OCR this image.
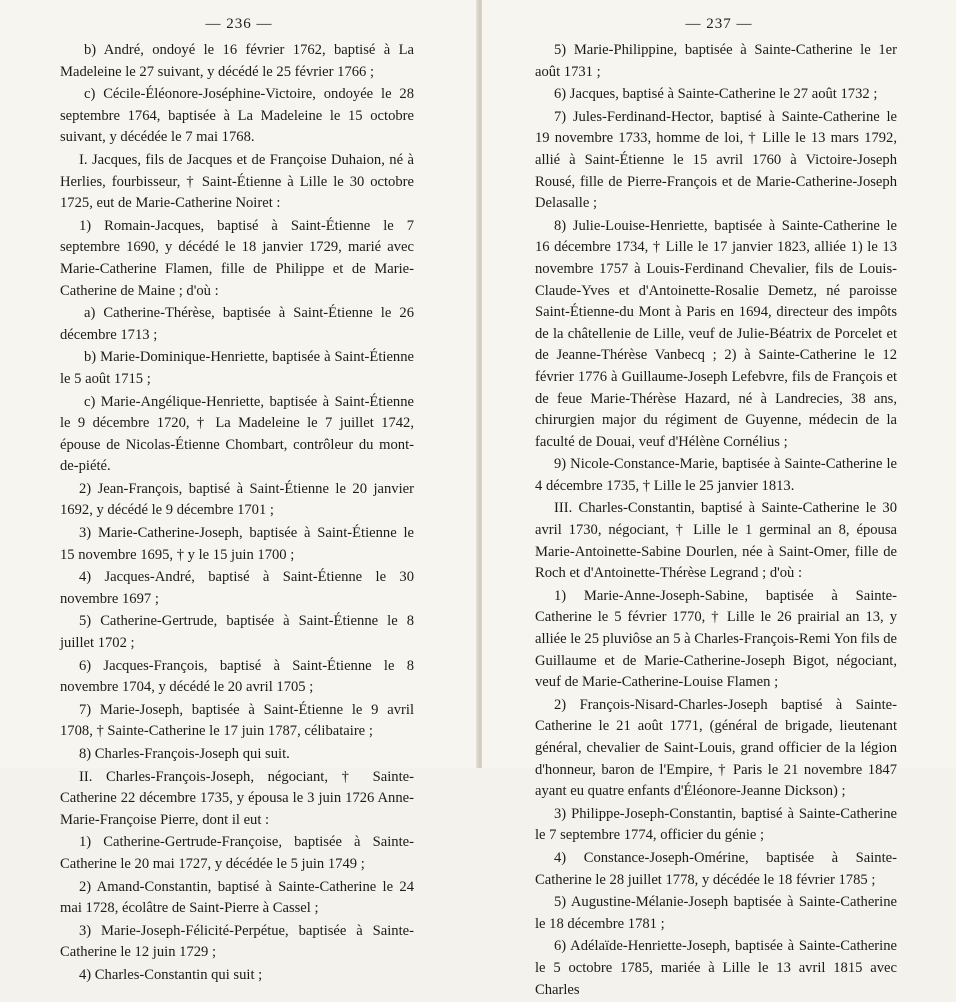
— 236 —

b) André, ondoyé le 16 février 1762, baptisé à La Madeleine le 27 suivant, y décédé le 25 février 1766 ;

c) Cécile-Éléonore-Joséphine-Victoire, ondoyée le 28 septembre 1764, baptisée à La Madeleine le 15 octobre suivant, y décédée le 7 mai 1768.

I. Jacques, fils de Jacques et de Françoise Duhaion, né à Herlies, fourbisseur, † Saint-Étienne à Lille le 30 octobre 1725, eut de Marie-Catherine Noiret :

1) Romain-Jacques, baptisé à Saint-Étienne le 7 septembre 1690, y décédé le 18 janvier 1729, marié avec Marie-Catherine Flamen, fille de Philippe et de Marie-Catherine de Maine ; d'où :

a) Catherine-Thérèse, baptisée à Saint-Étienne le 26 décembre 1713 ;

b) Marie-Dominique-Henriette, baptisée à Saint-Étienne le 5 août 1715 ;

c) Marie-Angélique-Henriette, baptisée à Saint-Étienne le 9 décembre 1720, † La Madeleine le 7 juillet 1742, épouse de Nicolas-Étienne Chombart, contrôleur du mont-de-piété.

2) Jean-François, baptisé à Saint-Étienne le 20 janvier 1692, y décédé le 9 décembre 1701 ;

3) Marie-Catherine-Joseph, baptisée à Saint-Étienne le 15 novembre 1695, † y le 15 juin 1700 ;

4) Jacques-André, baptisé à Saint-Étienne le 30 novembre 1697 ;

5) Catherine-Gertrude, baptisée à Saint-Étienne le 8 juillet 1702 ;

6) Jacques-François, baptisé à Saint-Étienne le 8 novembre 1704, y décédé le 20 avril 1705 ;

7) Marie-Joseph, baptisée à Saint-Étienne le 9 avril 1708, † Sainte-Catherine le 17 juin 1787, célibataire ;

8) Charles-François-Joseph qui suit.

II. Charles-François-Joseph, négociant, † Sainte-Catherine 22 décembre 1735, y épousa le 3 juin 1726 Anne-Marie-Françoise Pierre, dont il eut :

1) Catherine-Gertrude-Françoise, baptisée à Sainte-Catherine le 20 mai 1727, y décédée le 5 juin 1749 ;

2) Amand-Constantin, baptisé à Sainte-Catherine le 24 mai 1728, écolâtre de Saint-Pierre à Cassel ;

3) Marie-Joseph-Félicité-Perpétue, baptisée à Sainte-Catherine le 12 juin 1729 ;

4) Charles-Constantin qui suit ;

— 237 —

5) Marie-Philippine, baptisée à Sainte-Catherine le 1er août 1731 ;

6) Jacques, baptisé à Sainte-Catherine le 27 août 1732 ;

7) Jules-Ferdinand-Hector, baptisé à Sainte-Catherine le 19 novembre 1733, homme de loi, † Lille le 13 mars 1792, allié à Saint-Étienne le 15 avril 1760 à Victoire-Joseph Rousé, fille de Pierre-François et de Marie-Catherine-Joseph Delasalle ;

8) Julie-Louise-Henriette, baptisée à Sainte-Catherine le 16 décembre 1734, † Lille le 17 janvier 1823, alliée 1) le 13 novembre 1757 à Louis-Ferdinand Chevalier, fils de Louis-Claude-Yves et d'Antoinette-Rosalie Demetz, né paroisse Saint-Étienne-du Mont à Paris en 1694, directeur des impôts de la châtellenie de Lille, veuf de Julie-Béatrix de Porcelet et de Jeanne-Thérèse Vanbecq ; 2) à Sainte-Catherine le 12 février 1776 à Guillaume-Joseph Lefebvre, fils de François et de feue Marie-Thérèse Hazard, né à Landrecies, 38 ans, chirurgien major du régiment de Guyenne, médecin de la faculté de Douai, veuf d'Hélène Cornélius ;

9) Nicole-Constance-Marie, baptisée à Sainte-Catherine le 4 décembre 1735, † Lille le 25 janvier 1813.

III. Charles-Constantin, baptisé à Sainte-Catherine le 30 avril 1730, négociant, † Lille le 1 germinal an 8, épousa Marie-Antoinette-Sabine Dourlen, née à Saint-Omer, fille de Roch et d'Antoinette-Thérèse Legrand ; d'où :

1) Marie-Anne-Joseph-Sabine, baptisée à Sainte-Catherine le 5 février 1770, † Lille le 26 prairial an 13, y alliée le 25 pluviôse an 5 à Charles-François-Remi Yon fils de Guillaume et de Marie-Catherine-Joseph Bigot, négociant, veuf de Marie-Catherine-Louise Flamen ;

2) François-Nisard-Charles-Joseph baptisé à Sainte-Catherine le 21 août 1771, (général de brigade, lieutenant général, chevalier de Saint-Louis, grand officier de la légion d'honneur, baron de l'Empire, † Paris le 21 novembre 1847 ayant eu quatre enfants d'Éléonore-Jeanne Dickson) ;

3) Philippe-Joseph-Constantin, baptisé à Sainte-Catherine le 7 septembre 1774, officier du génie ;

4) Constance-Joseph-Omérine, baptisée à Sainte-Catherine le 28 juillet 1778, y décédée le 18 février 1785 ;

5) Augustine-Mélanie-Joseph baptisée à Sainte-Catherine le 18 décembre 1781 ;

6) Adélaïde-Henriette-Joseph, baptisée à Sainte-Catherine le 5 octobre 1785, mariée à Lille le 13 avril 1815 avec Charles
